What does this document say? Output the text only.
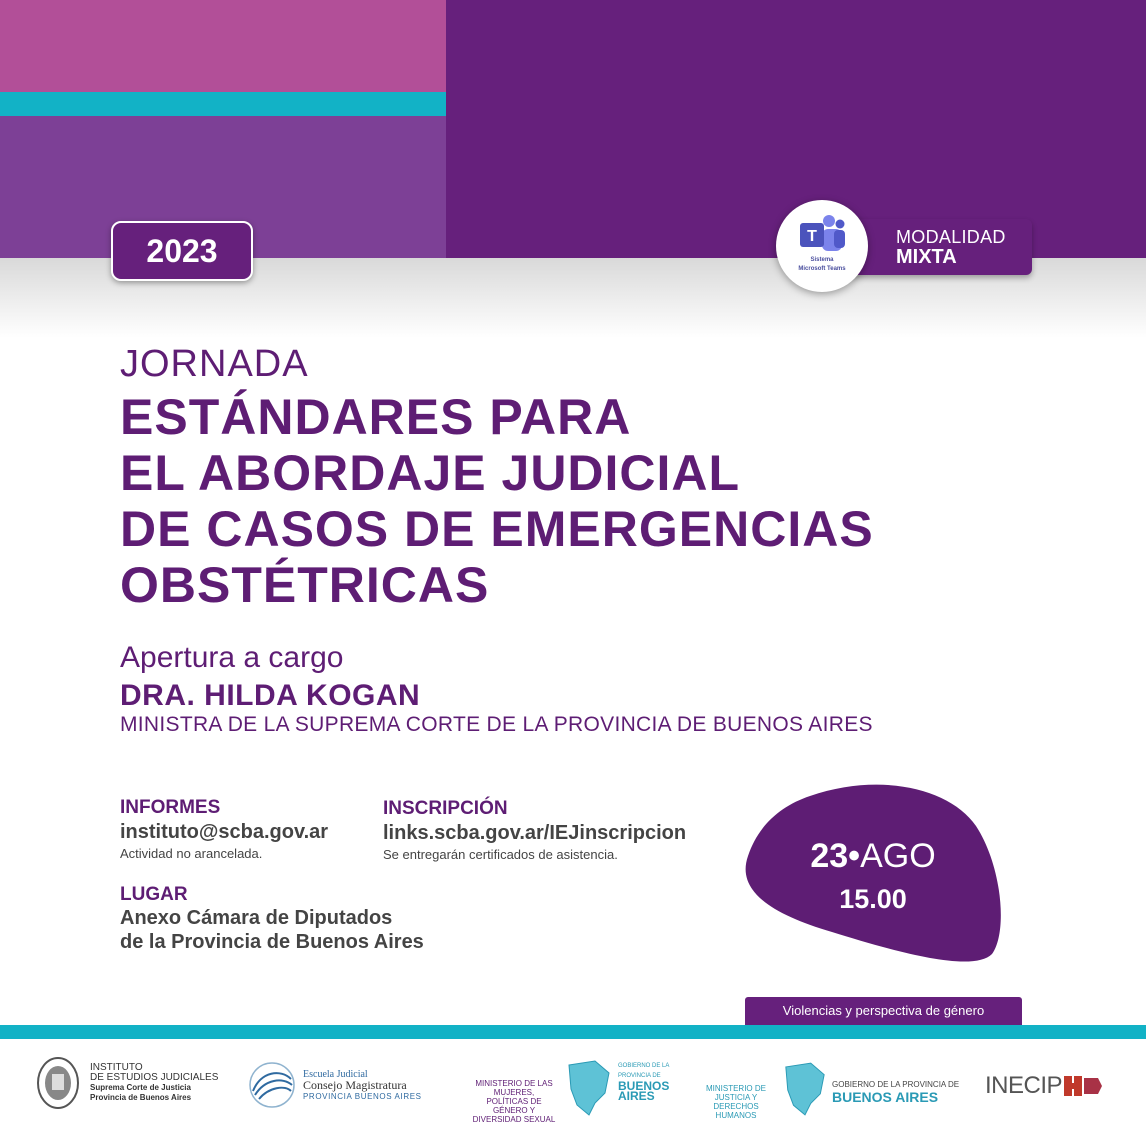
2023	MODALIDAD
MIXTA
T
Sistema
Microsoft Teams
JORNADA
ESTÁNDARES PARA
EL ABORDAJE JUDICIAL
DE CASOS DE EMERGENCIAS
OBSTÉTRICAS
Apertura a cargo
DRA. HILDA KOGAN
MINISTRA DE LA SUPREMA CORTE DE LA PROVINCIA DE BUENOS AIRES
INFORMES
instituto@scba.gov.ar
Actividad no arancelada.
INSCRIPCIÓN
links.scba.gov.ar/IEJinscripcion
Se entregarán certificados de asistencia.
LUGAR
Anexo Cámara de Diputados
de la Provincia de Buenos Aires
23•AGO
15.00
Violencias y perspectiva de género
INSTITUTO
DE ESTUDIOS JUDICIALES
Suprema Corte de Justicia
Provincia de Buenos Aires
Escuela Judicial
Consejo Magistratura
PROVINCIA BUENOS AIRES
MINISTERIO DE LAS MUJERES,
POLÍTICAS DE GÉNERO Y
DIVERSIDAD SEXUAL
GOBIERNO DE LA
PROVINCIA DE
BUENOS
AIRES
MINISTERIO DE JUSTICIA Y
DERECHOS HUMANOS
GOBIERNO DE LA PROVINCIA DE
BUENOS AIRES	INECIP
